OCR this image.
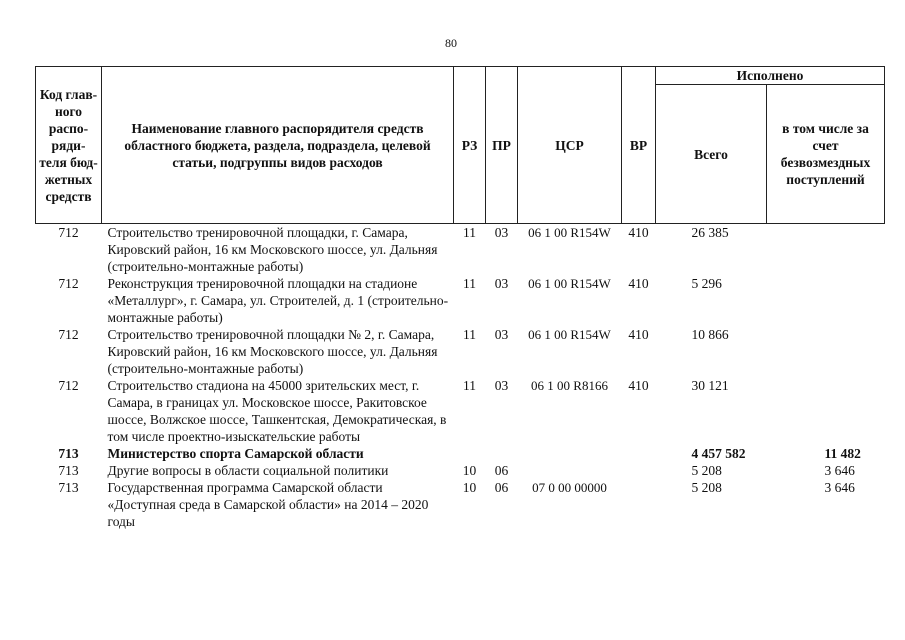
80
Код глав-ного распо-ряди-теля бюд-жетных средств	Наименование главного распорядителя средств областного бюджета, раздела, подраздела, целевой статьи, подгруппы видов расходов	РЗ	ПР	ЦСР	ВР	Исполнено	
						Всего	в том числе за счет безвозмездных поступлений
712	Строительство тренировочной площадки, г. Самара, Кировский район, 16 км Московского шоссе, ул. Дальняя (строительно-монтажные работы)	11	03	06 1 00 R154W	410	26 385	
712	Реконструкция тренировочной площадки на стадионе «Металлург», г. Самара, ул. Строителей, д. 1 (строительно-монтажные работы)	11	03	06 1 00 R154W	410	5 296	
712	Строительство тренировочной площадки № 2, г. Самара, Кировский район, 16 км Московского шоссе, ул. Дальняя (строительно-монтажные работы)	11	03	06 1 00 R154W	410	10 866	
712	Строительство стадиона на 45000 зрительских мест, г. Самара, в границах ул. Московское шоссе, Ракитовское шоссе, Волжское шоссе, Ташкентская, Демократическая, в том числе проектно-изыскательские работы	11	03	06 1 00 R8166	410	30 121	
713	Министерство спорта Самарской области					4 457 582	11 482
713	Другие вопросы в области социальной политики	10	06			5 208	3 646
713	Государственная программа Самарской области «Доступная среда в Самарской области» на 2014 – 2020 годы	10	06	07 0 00 00000		5 208	3 646
